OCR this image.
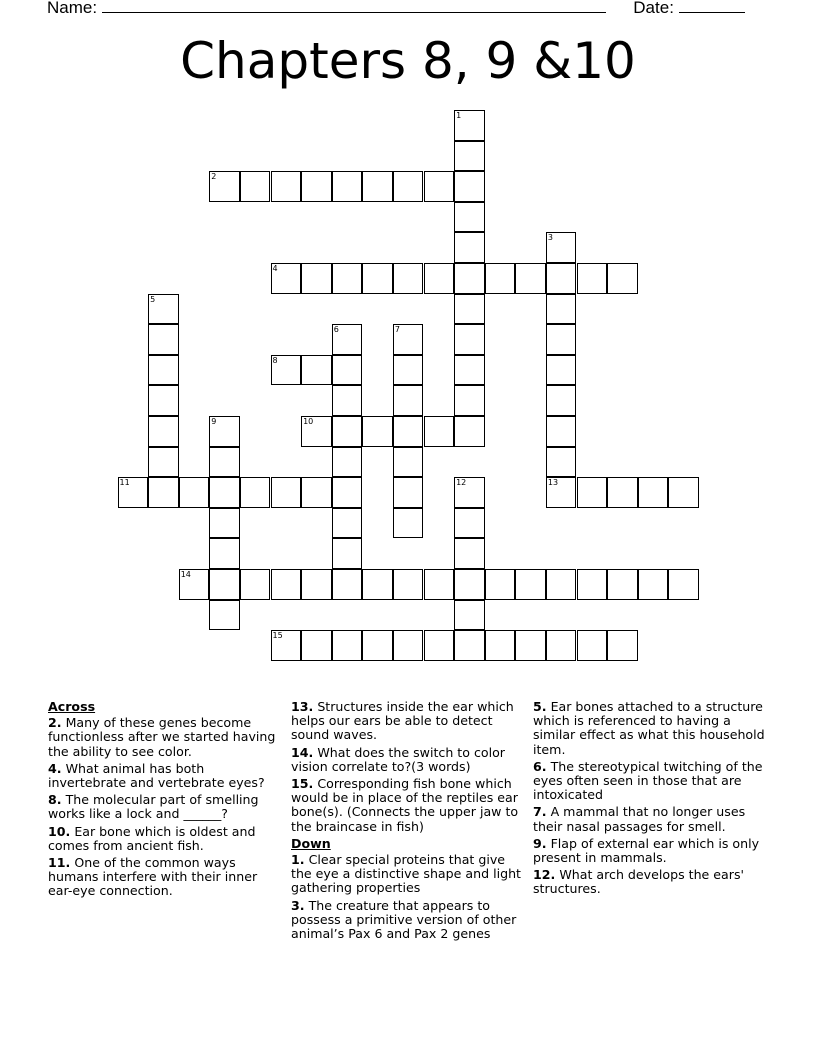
Name:	Date:
Chapters 8, 9 &10
1
2
3
13
4
5
6	7
8
9	10
11	12
14
15
Across
2. Many of these genes become functionless after we started having the ability to see color.
4. What animal has both invertebrate and vertebrate eyes?
8. The molecular part of smelling works like a lock and ______?
10. Ear bone which is oldest and comes from ancient fish.
11. One of the common ways humans interfere with their inner ear-eye connection.
13. Structures inside the ear which helps our ears be able to detect sound waves.
14. What does the switch to color vision correlate to?(3 words)
15. Corresponding fish bone which would be in place of the reptiles ear bone(s). (Connects the upper jaw to the braincase in fish)
Down
1. Clear special proteins that give the eye a distinctive shape and light gathering properties
3. The creature that appears to possess a primitive version of other animal’s Pax 6 and Pax 2 genes
5. Ear bones attached to a structure which is referenced to having a similar effect as what this household item.
6. The stereotypical twitching of the eyes often seen in those that are intoxicated
7. A mammal that no longer uses their nasal passages for smell.
9. Flap of external ear which is only present in mammals.
12. What arch develops the ears' structures.
